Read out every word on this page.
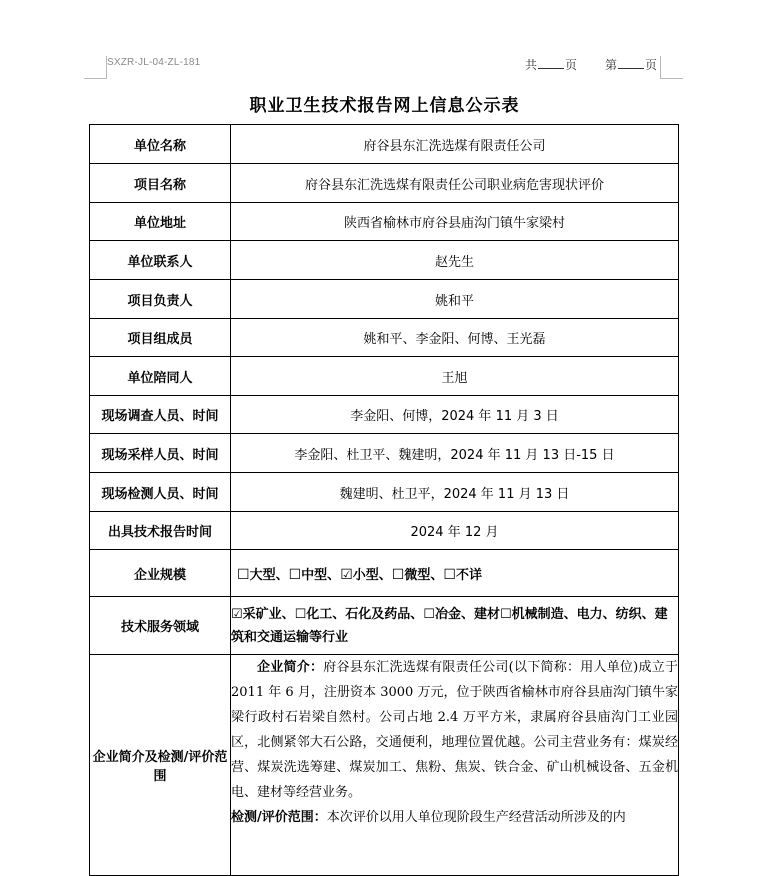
SXZR-JL-04-ZL-181	共 页 第 页
职业卫生技术报告网上信息公示表
单位名称	府谷县东汇洗选煤有限责任公司
项目名称	府谷县东汇洗选煤有限责任公司职业病危害现状评价
单位地址	陕西省榆林市府谷县庙沟门镇牛家梁村
单位联系人	赵先生
项目负责人	姚和平
项目组成员	姚和平、李金阳、何博、王光磊
单位陪同人	王旭
现场调查人员、时间	李金阳、何博，2024 年 11 月 3 日
现场采样人员、时间	李金阳、杜卫平、魏建明，2024 年 11 月 13 日-15 日
现场检测人员、时间	魏建明、杜卫平，2024 年 11 月 13 日
出具技术报告时间	2024 年 12 月
企业规模	☐大型、☐中型、☑小型、☐微型、☐不详
技术服务领域	☑采矿业、☐化工、石化及药品、☐冶金、建材☐机械制造、电力、纺织、建筑和交通运输等行业
企业简介及检测/评价范围	企业简介：府谷县东汇洗选煤有限责任公司(以下简称：用人单位)成立于 2011 年 6 月，注册资本 3000 万元，位于陕西省榆林市府谷县庙沟门镇牛家梁行政村石岩梁自然村。公司占地 2.4 万平方米，隶属府谷县庙沟门工业园区，北侧紧邻大石公路，交通便利，地理位置优越。公司主营业务有：煤炭经营、煤炭洗选筹建、煤炭加工、焦粉、焦炭、铁合金、矿山机械设备、五金机电、建材等经营业务。
检测/评价范围：本次评价以用人单位现阶段生产经营活动所涉及的内
